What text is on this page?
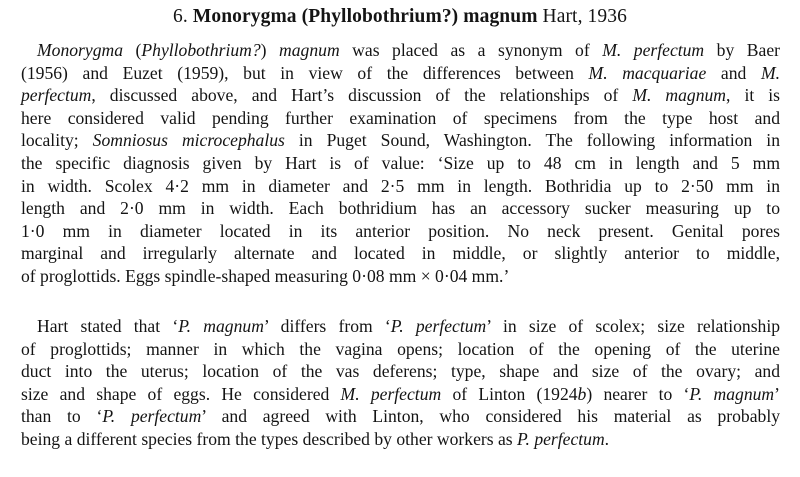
6. Monorygma (Phyllobothrium?) magnum Hart, 1936

Monorygma (Phyllobothrium?) magnum was placed as a synonym of M. perfectum by Baer
(1956) and Euzet (1959), but in view of the differences between M. macquariae and M.
perfectum, discussed above, and Hart’s discussion of the relationships of M. magnum, it is
here considered valid pending further examination of specimens from the type host and
locality; Somniosus microcephalus in Puget Sound, Washington. The following information in
the specific diagnosis given by Hart is of value: ‘Size up to 48 cm in length and 5 mm
in width. Scolex 4·2 mm in diameter and 2·5 mm in length. Bothridia up to 2·50 mm in
length and 2·0 mm in width. Each bothridium has an accessory sucker measuring up to
1·0 mm in diameter located in its anterior position. No neck present. Genital pores
marginal and irregularly alternate and located in middle, or slightly anterior to middle,
of proglottids. Eggs spindle-shaped measuring 0·08 mm × 0·04 mm.’

Hart stated that ‘P. magnum’ differs from ‘P. perfectum’ in size of scolex; size relationship
of proglottids; manner in which the vagina opens; location of the opening of the uterine
duct into the uterus; location of the vas deferens; type, shape and size of the ovary; and
size and shape of eggs. He considered M. perfectum of Linton (1924b) nearer to ‘P. magnum’
than to ‘P. perfectum’ and agreed with Linton, who considered his material as probably
being a different species from the types described by other workers as P. perfectum.
